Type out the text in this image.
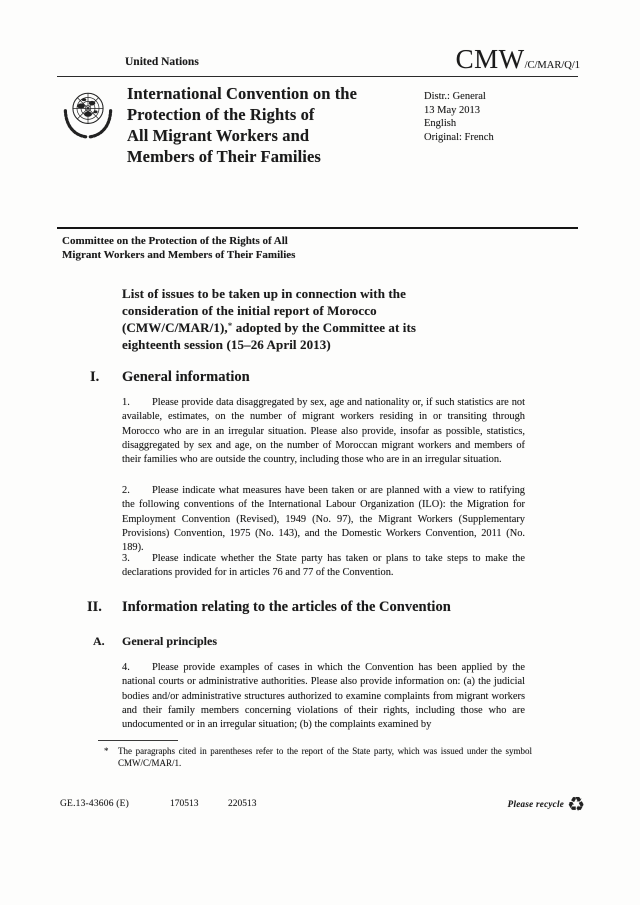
United Nations	CMW/C/MAR/Q/1
International Convention on the
Protection of the Rights of
All Migrant Workers and
Members of Their Families
Distr.: General
13 May 2013
English
Original: French
Committee on the Protection of the Rights of All
Migrant Workers and Members of Their Families
List of issues to be taken up in connection with the
consideration of the initial report of Morocco
(CMW/C/MAR/1),* adopted by the Committee at its
eighteenth session (15–26 April 2013)
I. General information
1. Please provide data disaggregated by sex, age and nationality or, if such statistics are not available, estimates, on the number of migrant workers residing in or transiting through Morocco who are in an irregular situation. Please also provide, insofar as possible, statistics, disaggregated by sex and age, on the number of Moroccan migrant workers and members of their families who are outside the country, including those who are in an irregular situation.
2. Please indicate what measures have been taken or are planned with a view to ratifying the following conventions of the International Labour Organization (ILO): the Migration for Employment Convention (Revised), 1949 (No. 97), the Migrant Workers (Supplementary Provisions) Convention, 1975 (No. 143), and the Domestic Workers Convention, 2011 (No. 189).
3. Please indicate whether the State party has taken or plans to take steps to make the declarations provided for in articles 76 and 77 of the Convention.
II. Information relating to the articles of the Convention
A. General principles
4. Please provide examples of cases in which the Convention has been applied by the national courts or administrative authorities. Please also provide information on: (a) the judicial bodies and/or administrative structures authorized to examine complaints from migrant workers and their family members concerning violations of their rights, including those who are undocumented or in an irregular situation; (b) the complaints examined by
* The paragraphs cited in parentheses refer to the report of the State party, which was issued under the symbol CMW/C/MAR/1.
GE.13-43606 (E)	170513	220513	Please recycle ♻
